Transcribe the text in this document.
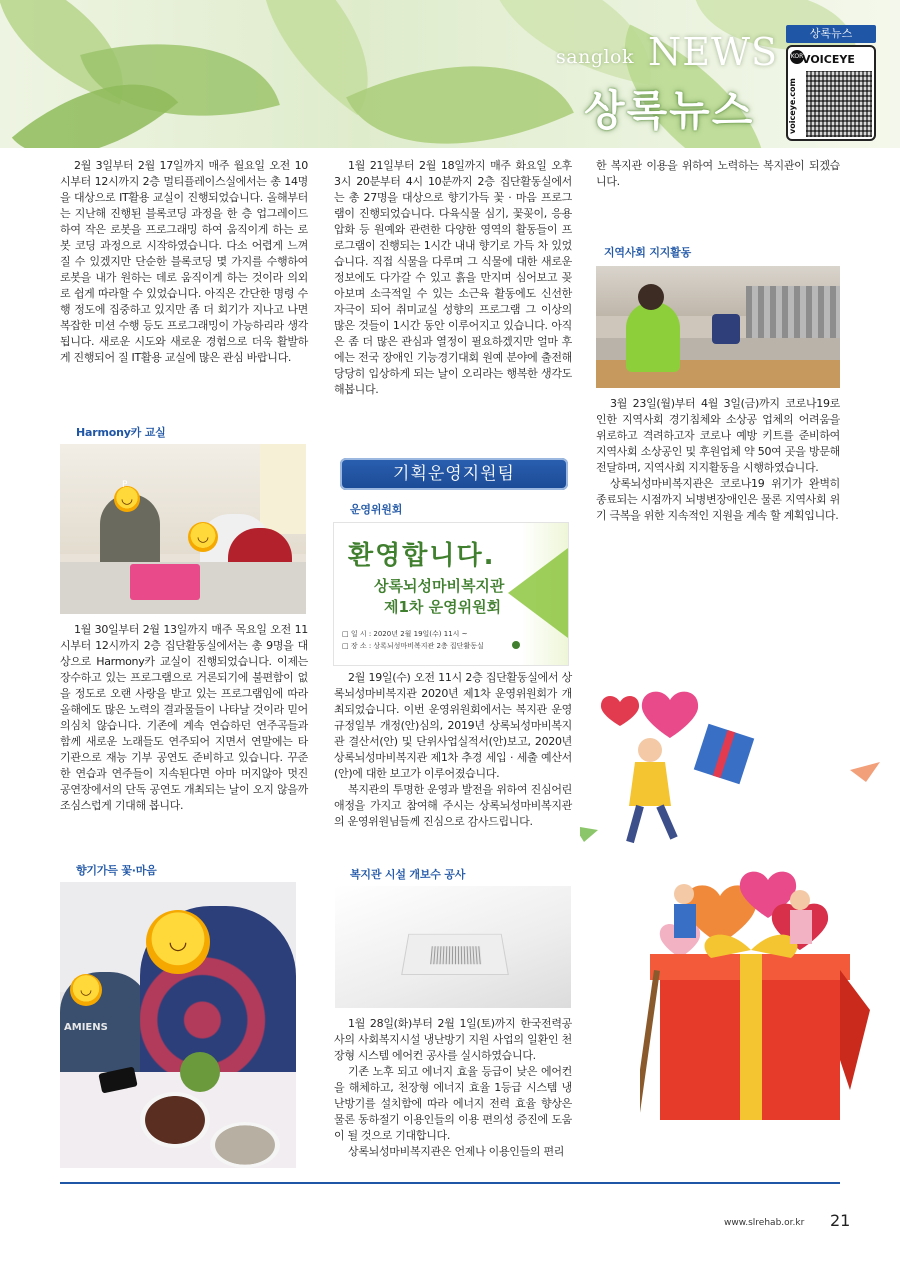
sanglok NEWS
상록뉴스
상록뉴스
KOR
VOICEYE
voiceye.com

2월 3일부터 2월 17일까지 매주 월요일 오전 10시부터 12시까지 2층 멀티플레이스실에서는 총 14명을 대상으로 IT활용 교실이 진행되었습니다. 올해부터는 지난해 진행된 블록코딩 과정을 한 층 업그레이드 하여 작은 로봇을 프로그래밍 하여 움직이게 하는 로봇 코딩 과정으로 시작하였습니다. 다소 어렵게 느껴질 수 있겠지만 단순한 블록코딩 몇 가지를 수행하여 로봇을 내가 원하는 데로 움직이게 하는 것이라 의외로 쉽게 따라할 수 있었습니다. 아직은 간단한 명령 수행 정도에 집중하고 있지만 좀 더 회기가 지나고 나면 복잡한 미션 수행 등도 프로그래밍이 가능하리라 생각됩니다. 새로운 시도와 새로운 경험으로 더욱 활발하게 진행되어 질 IT활용 교실에 많은 관심 바랍니다.

Harmony카 교실
◡
◡
P

1월 30일부터 2월 13일까지 매주 목요일 오전 11시부터 12시까지 2층 집단활동실에서는 총 9명을 대상으로 Harmony카 교실이 진행되었습니다. 이제는 장수하고 있는 프로그램으로 거론되기에 불편함이 없을 정도로 오랜 사랑을 받고 있는 프로그램임에 따라 올해에도 많은 노력의 결과물들이 나타날 것이라 믿어 의심치 않습니다. 기존에 계속 연습하던 연주곡들과 함께 새로운 노래들도 연주되어 지면서 연말에는 타 기관으로 재능 기부 공연도 준비하고 있습니다. 꾸준한 연습과 연주들이 지속된다면 아마 머지않아 멋진 공연장에서의 단독 공연도 개최되는 날이 오지 않을까 조심스럽게 기대해 봅니다.

향기가득 꽃·마음
◡
◡
AMIENS

1월 21일부터 2월 18일까지 매주 화요일 오후 3시 20분부터 4시 10분까지 2층 집단활동실에서는 총 27명을 대상으로 향기가득 꽃 · 마음 프로그램이 진행되었습니다. 다육식물 심기, 꽃꽂이, 응용 압화 등 원예와 관련한 다양한 영역의 활동들이 프로그램이 진행되는 1시간 내내 향기로 가득 차 있었습니다. 직접 식물을 다루며 그 식물에 대한 새로운 정보에도 다가갈 수 있고 흙을 만지며 심어보고 꽂아보며 소극적일 수 있는 소근육 활동에도 신선한 자극이 되어 취미교실 성향의 프로그램 그 이상의 많은 것들이 1시간 동안 이루어지고 있습니다. 아직은 좀 더 많은 관심과 열정이 필요하겠지만 얼마 후에는 전국 장애인 기능경기대회 원예 분야에 출전해 당당히 입상하게 되는 날이 오리라는 행복한 생각도 해봅니다.

기획운영지원팀
운영위원회
환영합니다.
상록뇌성마비복지관
제1차 운영위원회
□ 일 시 : 2020년 2월 19일(수) 11시 ~
□ 장 소 : 상록뇌성마비복지관 2층 집단활동실

2월 19일(수) 오전 11시 2층 집단활동실에서 상록뇌성마비복지관 2020년 제1차 운영위원회가 개최되었습니다. 이번 운영위원회에서는 복지관 운영규정일부 개정(안)심의, 2019년 상록뇌성마비복지관 결산서(안) 및 단위사업실적서(안)보고, 2020년 상록뇌성마비복지관 제1차 추경 세입 · 세출 예산서(안)에 대한 보고가 이루어졌습니다.

복지관의 투명한 운영과 발전을 위하여 진심어린 애정을 가지고 참여해 주시는 상록뇌성마비복지관의 운영위원님들께 진심으로 감사드립니다.

복지관 시설 개보수 공사

1월 28일(화)부터 2월 1일(토)까지 한국전력공사의 사회복지시설 냉난방기 지원 사업의 일환인 천장형 시스템 에어컨 공사를 실시하였습니다.

기존 노후 되고 에너지 효율 등급이 낮은 에어컨을 해체하고, 천장형 에너지 효율 1등급 시스템 냉난방기를 설치함에 따라 에너지 전력 효율 향상은 물론 동하절기 이용인들의 이용 편의성 증진에 도움이 될 것으로 기대합니다.

상록뇌성마비복지관은 언제나 이용인들의 편리

한 복지관 이용을 위하여 노력하는 복지관이 되겠습니다.

지역사회 지지활동

3월 23일(월)부터 4월 3일(금)까지 코로나19로 인한 지역사회 경기침체와 소상공 업체의 어려움을 위로하고 격려하고자 코로나 예방 키트를 준비하여 지역사회 소상공인 및 후원업체 약 50여 곳을 방문해 전달하며, 지역사회 지지활동을 시행하였습니다.

상록뇌성마비복지관은 코로나19 위기가 완벽히 종료되는 시점까지 뇌병변장애인은 물론 지역사회 위기 극복을 위한 지속적인 지원을 계속 할 계획입니다.

www.slrehab.or.kr 21
